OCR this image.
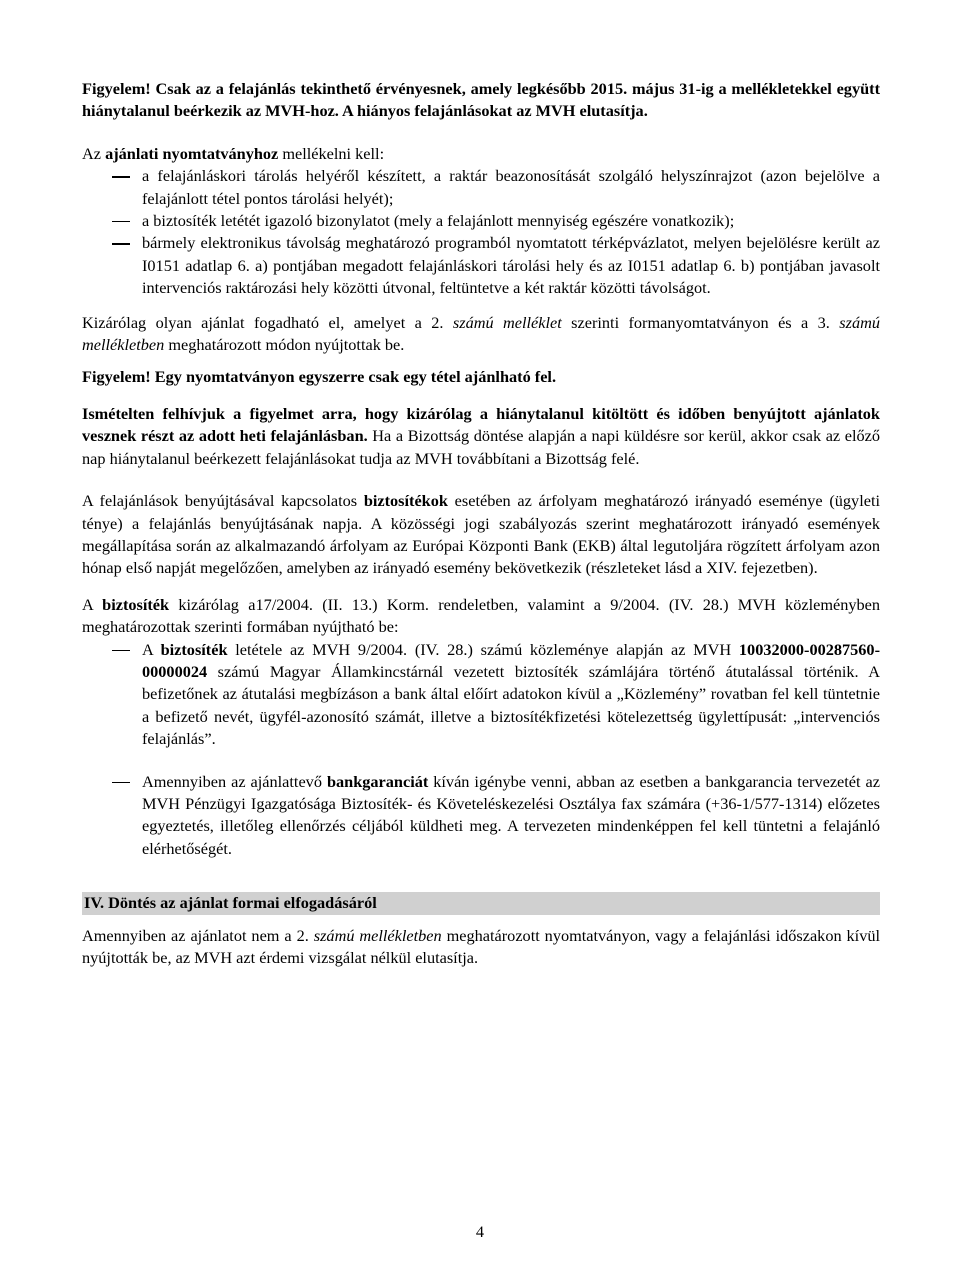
Figyelem! Csak az a felajánlás tekinthető érvényesnek, amely legkésőbb 2015. május 31-ig a mellékletekkel együtt hiánytalanul beérkezik az MVH-hoz. A hiányos felajánlásokat az MVH elutasítja.

Az ajánlati nyomtatványhoz mellékelni kell:

a felajánláskori tárolás helyéről készített, a raktár beazonosítását szolgáló helyszínrajzot (azon bejelölve a felajánlott tétel pontos tárolási helyét);
a biztosíték letétét igazoló bizonylatot (mely a felajánlott mennyiség egészére vonatkozik);
bármely elektronikus távolság meghatározó programból nyomtatott térképvázlatot, melyen bejelölésre került az I0151 adatlap 6. a) pontjában megadott felajánláskori tárolási hely és az I0151 adatlap 6. b) pontjában javasolt intervenciós raktározási hely közötti útvonal, feltüntetve a két raktár közötti távolságot.

Kizárólag olyan ajánlat fogadható el, amelyet a 2. számú melléklet szerinti formanyomtatványon és a 3. számú mellékletben meghatározott módon nyújtottak be.

Figyelem! Egy nyomtatványon egyszerre csak egy tétel ajánlható fel.

Ismételten felhívjuk a figyelmet arra, hogy kizárólag a hiánytalanul kitöltött és időben benyújtott ajánlatok vesznek részt az adott heti felajánlásban. Ha a Bizottság döntése alapján a napi küldésre sor kerül, akkor csak az előző nap hiánytalanul beérkezett felajánlásokat tudja az MVH továbbítani a Bizottság felé.

A felajánlások benyújtásával kapcsolatos biztosítékok esetében az árfolyam meghatározó irányadó eseménye (ügyleti ténye) a felajánlás benyújtásának napja. A közösségi jogi szabályozás szerint meghatározott irányadó események megállapítása során az alkalmazandó árfolyam az Európai Központi Bank (EKB) által legutoljára rögzített árfolyam azon hónap első napját megelőzően, amelyben az irányadó esemény bekövetkezik (részleteket lásd a XIV. fejezetben).

A biztosíték kizárólag a17/2004. (II. 13.) Korm. rendeletben, valamint a 9/2004. (IV. 28.) MVH közleményben meghatározottak szerinti formában nyújtható be:

A biztosíték letétele az MVH 9/2004. (IV. 28.) számú közleménye alapján az MVH 10032000-00287560-00000024 számú Magyar Államkincstárnál vezetett biztosíték számlájára történő átutalással történik. A befizetőnek az átutalási megbízáson a bank által előírt adatokon kívül a „Közlemény” rovatban fel kell tüntetnie a befizető nevét, ügyfél-azonosító számát, illetve a biztosítékfizetési kötelezettség ügylettípusát: „intervenciós felajánlás”.
Amennyiben az ajánlattevő bankgaranciát kíván igénybe venni, abban az esetben a bankgarancia tervezetét az MVH Pénzügyi Igazgatósága Biztosíték- és Követeléskezelési Osztálya fax számára (+36-1/577-1314) előzetes egyeztetés, illetőleg ellenőrzés céljából küldheti meg. A tervezeten mindenképpen fel kell tüntetni a felajánló elérhetőségét.

IV. Döntés az ajánlat formai elfogadásáról

Amennyiben az ajánlatot nem a 2. számú mellékletben meghatározott nyomtatványon, vagy a felajánlási időszakon kívül nyújtották be, az MVH azt érdemi vizsgálat nélkül elutasítja.

4
